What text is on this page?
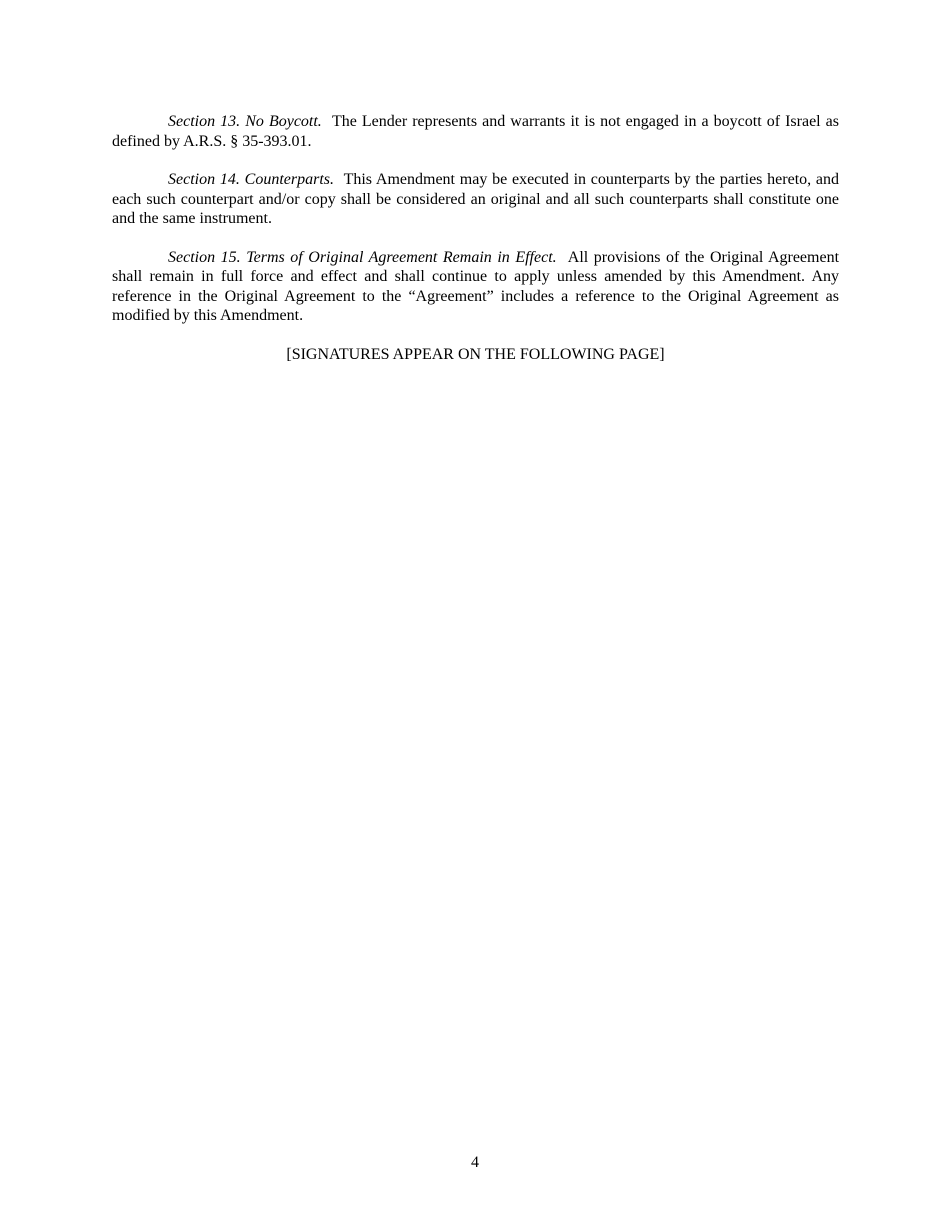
Section 13. No Boycott. The Lender represents and warrants it is not engaged in a boycott of Israel as defined by A.R.S. § 35-393.01.

Section 14. Counterparts. This Amendment may be executed in counterparts by the parties hereto, and each such counterpart and/or copy shall be considered an original and all such counterparts shall constitute one and the same instrument.

Section 15. Terms of Original Agreement Remain in Effect. All provisions of the Original Agreement shall remain in full force and effect and shall continue to apply unless amended by this Amendment. Any reference in the Original Agreement to the “Agreement” includes a reference to the Original Agreement as modified by this Amendment.

[SIGNATURES APPEAR ON THE FOLLOWING PAGE]

4
